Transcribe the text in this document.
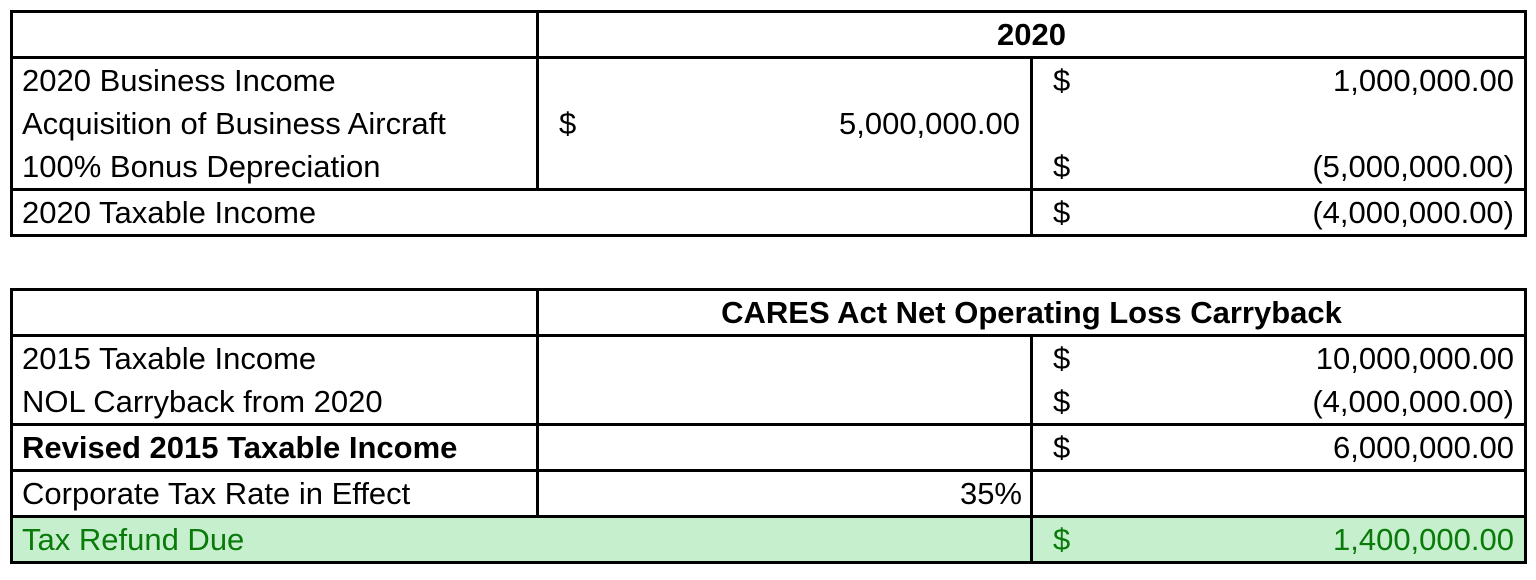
	2020	
2020 Business Income		$ 1,000,000.00

Acquisition of Business Aircraft	$ 5,000,000.00	

100% Bonus Depreciation		$ (5,000,000.00)

2020 Taxable Income		$ (4,000,000.00)
	CARES Act Net Operating Loss Carryback	
2015 Taxable Income		$ 10,000,000.00

NOL Carryback from 2020		$ (4,000,000.00)

Revised 2015 Taxable Income		$ 6,000,000.00

Corporate Tax Rate in Effect	35%	
Tax Refund Due		$ 1,400,000.00
